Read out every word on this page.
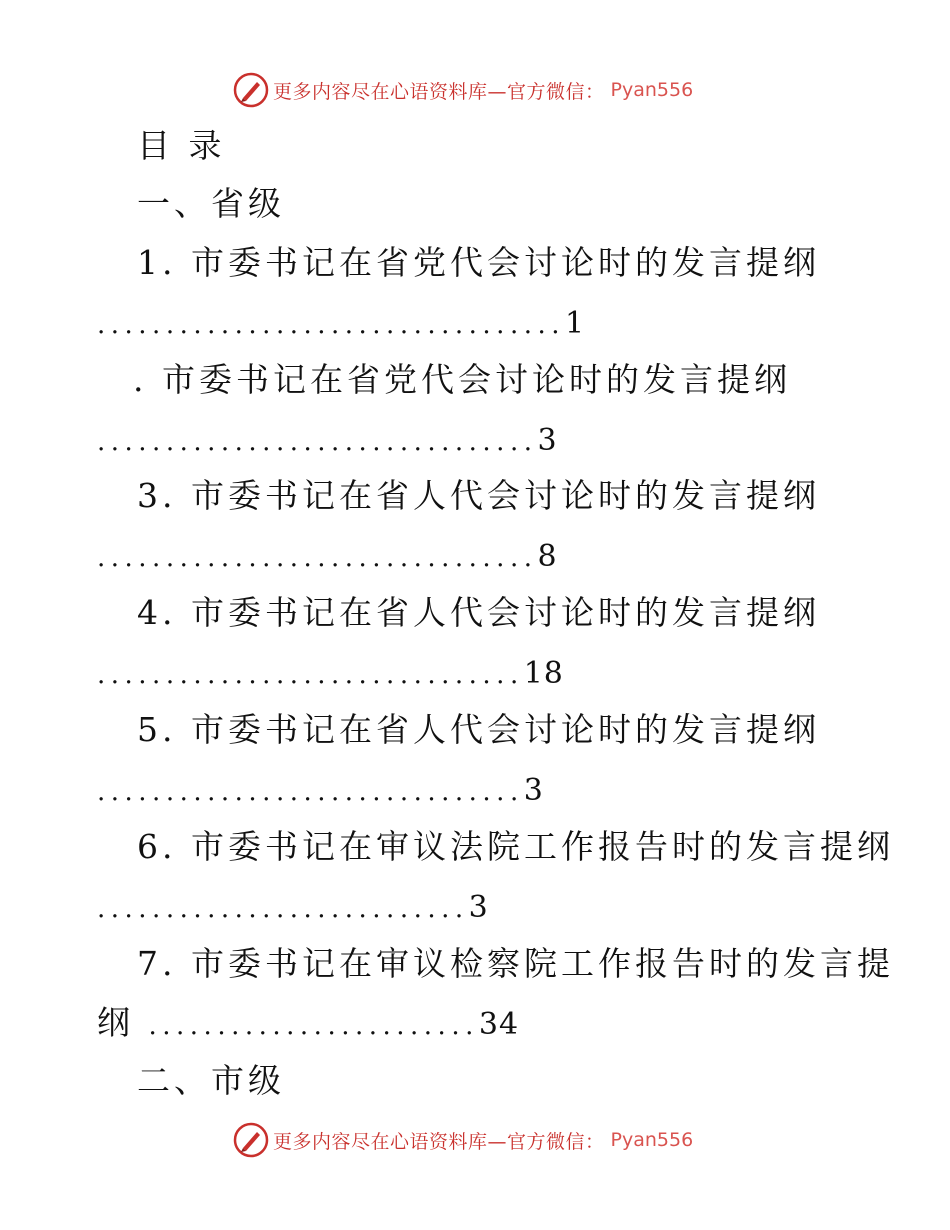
更多内容尽在心语资料库—官方微信： Pyan556
目 录
一、省级
1. 市委书记在省党代会讨论时的发言提纲
..................................1
. 市委书记在省党代会讨论时的发言提纲
................................3
3. 市委书记在省人代会讨论时的发言提纲
................................8
4. 市委书记在省人代会讨论时的发言提纲
...............................18
5. 市委书记在省人代会讨论时的发言提纲
...............................3
6. 市委书记在审议法院工作报告时的发言提纲
...........................3
7. 市委书记在审议检察院工作报告时的发言提
纲 ........................34
二、市级
更多内容尽在心语资料库—官方微信： Pyan556
